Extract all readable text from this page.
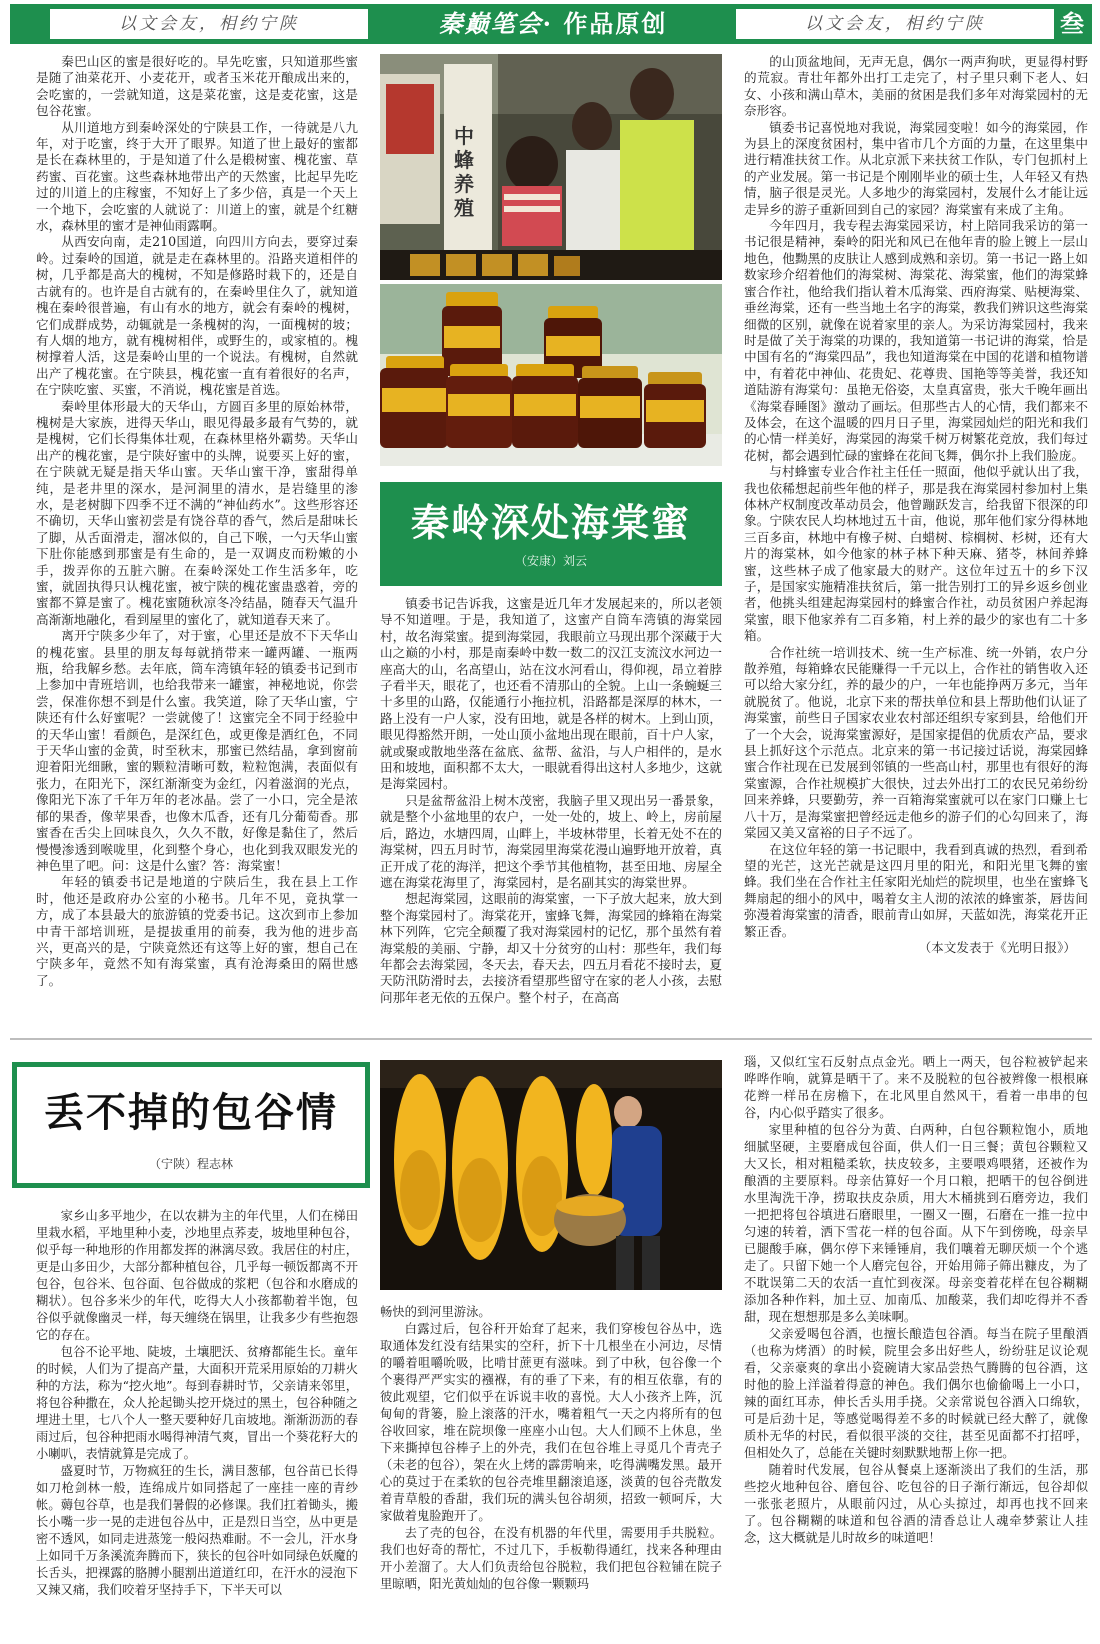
以文会友，相约宁陕	秦巅笔会· 作品原创	以文会友，相约宁陕	叁

秦巴山区的蜜是很好吃的。早先吃蜜，只知道那些蜜是随了油菜花开、小麦花开，或者玉米花开酿成出来的，会吃蜜的，一尝就知道，这是菜花蜜，这是麦花蜜，这是包谷花蜜。

从川道地方到秦岭深处的宁陕县工作，一待就是八九年，对于吃蜜，终于大开了眼界。知道了世上最好的蜜都是长在森林里的，于是知道了什么是椴树蜜、槐花蜜、草药蜜、百花蜜。这些森林地带出产的天然蜜，比起早先吃过的川道上的庄稼蜜，不知好上了多少倍，真是一个天上一个地下，会吃蜜的人就说了：川道上的蜜，就是个红糖水，森林里的蜜才是神仙雨露啊。

从西安向南，走210国道，向四川方向去，要穿过秦岭。过秦岭的国道，就是走在森林里的。沿路夹道相伴的树，几乎都是高大的槐树，不知是修路时栽下的，还是自古就有的。也许是自古就有的，在秦岭里住久了，就知道槐在秦岭很普遍，有山有水的地方，就会有秦岭的槐树，它们成群成势，动辄就是一条槐树的沟，一面槐树的坡；有人烟的地方，就有槐树相伴，或野生的，或家植的。槐树撑着人活，这是秦岭山里的一个说法。有槐树，自然就出产了槐花蜜。在宁陕县，槐花蜜一直有着很好的名声，在宁陕吃蜜、买蜜，不消说，槐花蜜是首选。

秦岭里体形最大的天华山，方圆百多里的原始林带，槐树是大家族，进得天华山，眼见得最多最有气势的，就是槐树，它们长得集体壮观，在森林里格外霸势。天华山出产的槐花蜜，是宁陕好蜜中的头牌，说要买上好的蜜，在宁陕就无疑是指天华山蜜。天华山蜜干净，蜜甜得单纯，是老井里的深水，是河洞里的清水，是岩缝里的渗水，是老树脚下四季不迂不满的“神仙药水”。这些形容还不确切，天华山蜜初尝是有饶谷草的香气，然后是甜味长了脚，从舌面滑走，溜冰似的，自己下喉，一勺天华山蜜下肚你能感到那蜜是有生命的，是一双调皮而粉嫩的小手，拨弄你的五脏六腑。在秦岭深处工作生活多年，吃蜜，就固执得只认槐花蜜，被宁陕的槐花蜜蛊惑着，旁的蜜都不算是蜜了。槐花蜜随秋凉冬冷结晶，随春天气温升高渐渐地融化，看到屋里的蜜化了，就知道春天来了。

离开宁陕多少年了，对于蜜，心里还是放不下天华山的槐花蜜。县里的朋友每每就捎带来一罐两罐、一瓶两瓶，给我解乡愁。去年底，筒车湾镇年轻的镇委书记到市上参加中青班培训，也给我带来一罐蜜，神秘地说，你尝尝，保准你想不到是什么蜜。我笑道，除了天华山蜜，宁陕还有什么好蜜呢？一尝就傻了！这蜜完全不同于经验中的天华山蜜！看颜色，是深红色，或更像是酒红色，不同于天华山蜜的金黄，时至秋末，那蜜已然结晶，拿到窗前迎着阳光细瞅，蜜的颗粒清晰可数，粒粒饱满，表面似有张力，在阳光下，深红渐渐变为金红，闪着滋润的光点，像阳光下冻了千年万年的老冰晶。尝了一小口，完全是浓郁的果香，像苹果香，也像木瓜香，还有几分葡萄香。那蜜香在舌尖上回味良久，久久不散，好像是黏住了，然后慢慢渗透到喉咙里，化到整个身心，也化到我双眼发光的神色里了吧。问：这是什么蜜？答：海棠蜜！

年轻的镇委书记是地道的宁陕后生，我在县上工作时，他还是政府办公室的小秘书。几年不见，竟执掌一方，成了本县最大的旅游镇的党委书记。这次到市上参加中青干部培训班，是提拔重用的前奏，我为他的进步高兴，更高兴的是，宁陕竟然还有这等上好的蜜，想自己在宁陕多年，竟然不知有海棠蜜，真有沧海桑田的隔世感了。

中蜂养殖
秦岭深处海棠蜜
（安康）刘云

镇委书记告诉我，这蜜是近几年才发展起来的，所以老领导不知道哩。于是，我知道了，这蜜产自筒车湾镇的海棠园村，故名海棠蜜。提到海棠园，我眼前立马现出那个深藏于大山之巅的小村，那是南秦岭中数一数二的汉江支流汶水河边一座高大的山，名高望山，站在汶水河看山，得仰视，昂立着脖子看半天，眼花了，也还看不清那山的全貌。上山一条蜿蜒三十多里的山路，仅能通行小拖拉机，沿路都是深厚的林木，一路上没有一户人家，没有田地，就是各样的树木。上到山顶，眼见得豁然开朗，一处山顶小盆地出现在眼前，百十户人家，就或聚或散地坐落在盆底、盆帮、盆沿，与人户相伴的，是水田和坡地，面积都不太大，一眼就看得出这村人多地少，这就是海棠园村。

只是盆帮盆沿上树木茂密，我脑子里又现出另一番景象，就是整个小盆地里的农户，一处一处的，坡上、岭上，房前屋后，路边，水塘四周，山畔上，半坡林带里，长着无处不在的海棠树，四五月时节，海棠园里海棠花漫山遍野地开放着，真正开成了花的海洋，把这个季节其他植物，甚至田地、房屋全遮在海棠花海里了，海棠园村，是名副其实的海棠世界。

想起海棠园，这眼前的海棠蜜，一下子放大起来，放大到整个海棠园村了。海棠花开，蜜蜂飞舞，海棠园的蜂箱在海棠林下列阵，它完全颠覆了我对海棠园村的记忆，那个虽然有着海棠般的美丽、宁静，却又十分贫穷的山村：那些年，我们每年都会去海棠园，冬天去，春天去，四五月看花不接时去，夏天防汛防滑时去，去接济看望那些留守在家的老人小孩，去慰问那年老无依的五保户。整个村子，在高高

的山顶盆地间，无声无息，偶尔一两声狗吠，更显得村野的荒寂。青壮年都外出打工走完了，村子里只剩下老人、妇女、小孩和满山草木，美丽的贫困是我们多年对海棠园村的无奈形容。

镇委书记喜悦地对我说，海棠园变啦！如今的海棠园，作为县上的深度贫困村，集中省市几个方面的力量，在这里集中进行精准扶贫工作。从北京派下来扶贫工作队，专门包抓村上的产业发展。第一书记是个刚刚毕业的硕士生，人年轻又有热情，脑子很是灵光。人多地少的海棠园村，发展什么才能让远走异乡的游子重新回到自己的家园？海棠蜜有来成了主角。

今年四月，我专程去海棠园采访，村上陪同我采访的第一书记很是精神，秦岭的阳光和风已在他年青的脸上镀上一层山地色，他黝黑的皮肤让人感到成熟和亲切。第一书记一路上如数家珍介绍着他们的海棠树、海棠花、海棠蜜，他们的海棠蜂蜜合作社，他给我们指认着木瓜海棠、西府海棠、贴梗海棠、垂丝海棠，还有一些当地土名字的海棠，教我们辨识这些海棠细微的区别，就像在说着家里的亲人。为采访海棠园村，我来时是做了关于海棠的功课的，我知道第一书记讲的海棠，恰是中国有名的“海棠四品”，我也知道海棠在中国的花谱和植物谱中，有着花中神仙、花贵妃、花尊贵、国艳等等美誉，我还知道陆游有海棠句：虽艳无俗姿，太皇真富贵，张大千晚年画出《海棠春睡图》激动了画坛。但那些古人的心情，我们都来不及体会，在这个温暖的四月日子里，海棠园灿烂的阳光和我们的心情一样美好，海棠园的海棠千树万树繁花竞放，我们每过花树，都会遇到忙碌的蜜蜂在花间飞舞，偶尔扑上我们脸庞。

与村蜂蜜专业合作社主任任一照面，他似乎就认出了我，我也依稀想起前些年他的样子，那是我在海棠园村参加村上集体林产权制度改革动员会，他曾蹦跃发言，给我留下很深的印象。宁陕农民人均林地过五十亩，他说，那年他们家分得林地三百多亩，林地中有橡子树、白蜡树、棕榈树、杉树，还有大片的海棠林，如今他家的林子林下种天麻、猪苓，林间养蜂蜜，这些林子成了他家最大的财产。这位年过五十的乡下汉子，是国家实施精准扶贫后，第一批告别打工的异乡返乡创业者，他挑头组建起海棠园村的蜂蜜合作社，动员贫困户养起海棠蜜，眼下他家养有二百多箱，村上养的最少的家也有二十多箱。

合作社统一培训技术、统一生产标准、统一外销，农户分散养殖，每箱蜂农民能赚得一千元以上，合作社的销售收入还可以给大家分红，养的最少的户，一年也能挣两万多元，当年就脱贫了。他说，北京下来的帮扶单位和县上帮助他们认证了海棠蜜，前些日子国家农业农村部还组织专家到县，给他们开了一个大会，说海棠蜜源好，是国家提倡的优质农产品，要求县上抓好这个示范点。北京来的第一书记接过话说，海棠园蜂蜜合作社现在已发展到邻镇的一些高山村，那里也有很好的海棠蜜源，合作社规模扩大很快，过去外出打工的农民兄弟纷纷回来养蜂，只要勤劳，养一百箱海棠蜜就可以在家门口赚上七八十万，是海棠蜜把曾经远走他乡的游子们的心勾回来了，海棠园又美又富裕的日子不远了。

在这位年轻的第一书记眼中，我看到真诚的热烈，看到希望的光芒，这光芒就是这四月里的阳光，和阳光里飞舞的蜜蜂。我们坐在合作社主任家阳光灿烂的院坝里，也坐在蜜蜂飞舞扇起的细小的风中，喝着女主人沏的浓浓的蜂蜜茶，唇齿间弥漫着海棠蜜的清香，眼前青山如屏，天蓝如洗，海棠花开正繁正香。

（本文发表于《光明日报》）
丢不掉的包谷情
（宁陕）程志林

家乡山多平地少，在以农耕为主的年代里，人们在梯田里栽水稻，平地里种小麦，沙地里点荞麦，坡地里种包谷，似乎每一种地形的作用都发挥的淋漓尽致。我居住的村庄，更是山多田少，大部分都种植包谷，几乎每一顿饭都离不开包谷，包谷米、包谷面、包谷做成的浆粑（包谷和水磨成的糊状）。包谷多米少的年代，吃得大人小孩都勒着半饱，包谷似乎就像幽灵一样，每天缠绕在锅里，让我多少有些抱怨它的存在。

包谷不论平地、陡坡，土壤肥沃、贫瘠都能生长。童年的时候，人们为了提高产量，大面积开荒采用原始的刀耕火种的方法，称为“挖火地”。每到春耕时节，父亲请来邻里，将包谷种撒在，众人抡起锄头挖开烧过的黑土，包谷种随之埋进土里，七八个人一整天要种好几亩坡地。渐渐沥沥的春雨过后，包谷种把雨水喝得神清气爽，冒出一个葵花籽大的小喇叭，表情就算是完成了。

盛夏时节，万物疯狂的生长，满目葱郁，包谷苗已长得如刀枪剑林一般，连绵成片如同搭起了一座挂一座的青纱帐。薅包谷草，也是我们暑假的必修课。我们扛着锄头，搬长小嘴一步一晃的走进包谷丛中，正是烈日当空，丛中更是密不透风，如同走进蒸笼一般闷热难耐。不一会儿，汗水身上如同千万条溪流奔腾而下，狭长的包谷叶如同绿色妖魔的长舌头，把裸露的胳膊小腿割出道道红印，在汗水的浸泡下又辣又痛，我们咬着牙坚持手下，下半天可以

畅快的到河里游泳。

白露过后，包谷秆开始耷了起来，我们穿梭包谷丛中，选取通体发红没有结果实的空秆，折下十几根坐在小河边，尽情的嚼着咀嚼吮吸，比啃甘蔗更有滋味。到了中秋，包谷像一个个裹得严严实实的襁褓，有的垂了下来，有的相互依靠，有的彼此观望，它们似乎在诉说丰收的喜悦。大人小孩齐上阵，沉甸甸的背篓，脸上滚落的汗水，嘴着粗气一天之内将所有的包谷收回家，堆在院坝像一座座小山包。大人们顾不上休息，坐下来撕掉包谷棒子上的外壳，我们在包谷堆上寻觅几个青壳子（未老的包谷），架在火上烤的霹雳响来，吃得满嘴发黑。最开心的莫过于在柔软的包谷壳堆里翻滚追逐，淡黄的包谷壳散发着青草般的香甜，我们玩的满头包谷胡须，招致一顿呵斥，大家做着鬼脸跑开了。

去了壳的包谷，在没有机器的年代里，需要用手共脱粒。我们也好奇的帮忙，不过几下，手板勒得通红，找来各种理由开小差溜了。大人们负责给包谷脱粒，我们把包谷粒铺在院子里晾晒，阳光黄灿灿的包谷像一颗颗玛

瑙，又似红宝石反射点点金光。晒上一两天，包谷粒被铲起来哗哗作响，就算是晒干了。来不及脱粒的包谷被辫像一根根麻花辫一样吊在房檐下，在北风里自然风干，看着一串串的包谷，内心似乎踏实了很多。

家里种植的包谷分为黄、白两种，白包谷颗粒饱小，质地细腻坚硬，主要磨成包谷面，供人们一日三餐；黄包谷颗粒又大又长，相对粗糙柔软，扶皮较多，主要喂鸡喂猪，还被作为酿酒的主要原料。母亲估算好一个月口粮，把晒干的包谷倒进水里淘洗干净，捞取扶皮杂质，用大木桶挑到石磨旁边，我们一把把将包谷填进石磨眼里，一圈又一圈，石磨在一推一拉中匀速的转着，洒下雪花一样的包谷面。从下午到傍晚，母亲早已腿酸手麻，偶尔停下来锤锤肩，我们嚷着无聊厌烦一个个逃走了。只留下她一个人磨完包谷，开始用筛子筛出糠皮，为了不耽误第二天的农活一直忙到夜深。母亲变着花样在包谷糊糊添加各种作料，加土豆、加南瓜、加酸菜，我们却吃得并不香甜，现在想想那是多么美味啊。

父亲爱喝包谷酒，也擅长酿造包谷酒。每当在院子里酿酒（也称为烤酒）的时候，院里会多出好些人，纷纷驻足议论观看，父亲豪爽的拿出小瓷碗请大家品尝热气腾腾的包谷酒，这时他的脸上洋溢着得意的神色。我们偶尔也偷偷喝上一小口，辣的面红耳赤，伸长舌头用手挠。父亲常说包谷酒入口绵软，可是后劲十足，等感觉喝得差不多的时候就已经大醉了，就像质朴无华的村民，看似很平淡的交往，甚至见面都不打招呼，但相处久了，总能在关键时刻默默地帮上你一把。

随着时代发展，包谷从餐桌上逐渐淡出了我们的生活，那些挖火地种包谷、磨包谷、吃包谷的日子渐行渐远，包谷却似一张张老照片，从眼前闪过，从心头掠过，却再也找不回来了。包谷糊糊的味道和包谷酒的清香总让人魂牵梦萦让人挂念，这大概就是儿时故乡的味道吧！
